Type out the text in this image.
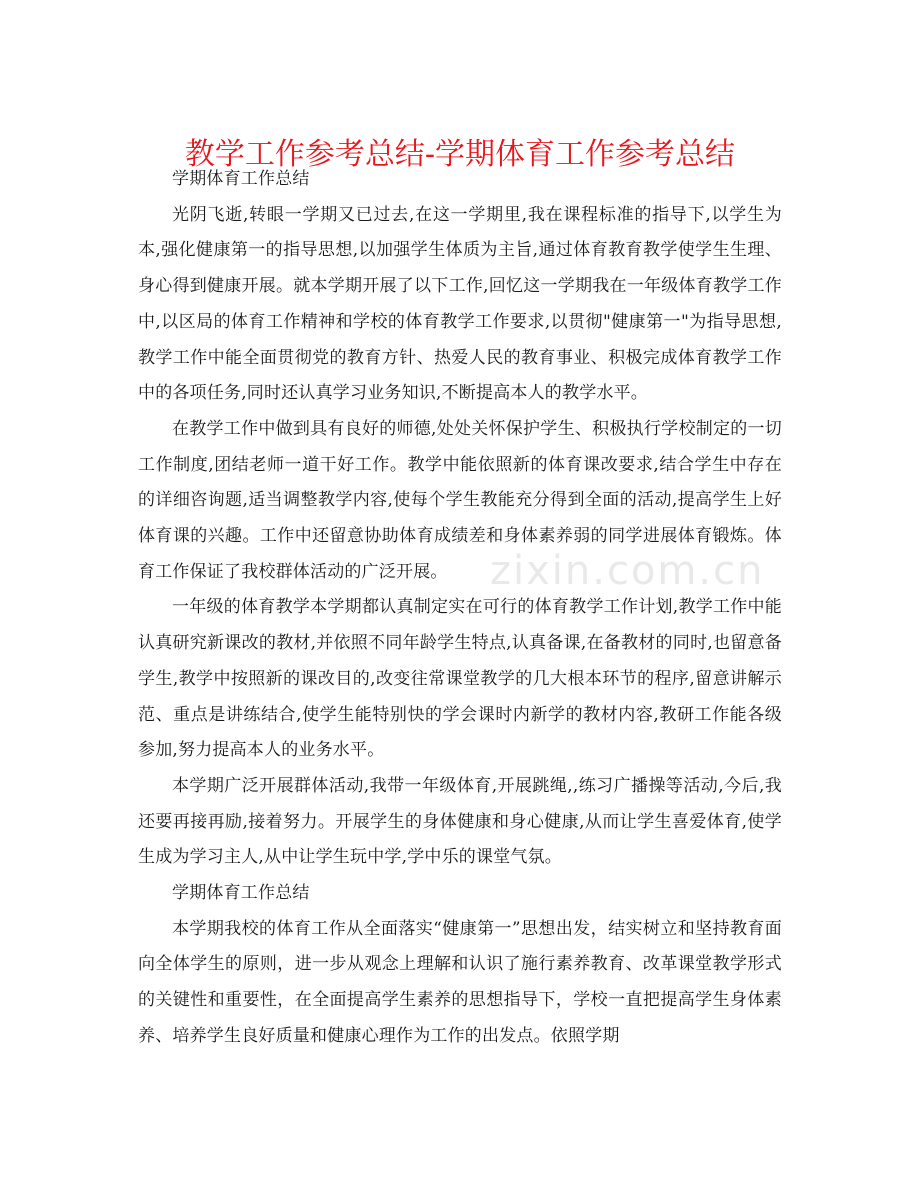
zixin.com.cn
教学工作参考总结-学期体育工作参考总结

学期体育工作总结

光阴飞逝,转眼一学期又已过去,在这一学期里,我在课程标准的指导下,以学生为本,强化健康第一的指导思想,以加强学生体质为主旨,通过体育教育教学使学生生理、身心得到健康开展。就本学期开展了以下工作,回忆这一学期我在一年级体育教学工作中,以区局的体育工作精神和学校的体育教学工作要求,以贯彻"健康第一"为指导思想,教学工作中能全面贯彻党的教育方针、热爱人民的教育事业、积极完成体育教学工作中的各项任务,同时还认真学习业务知识,不断提高本人的教学水平。

在教学工作中做到具有良好的师德,处处关怀保护学生、积极执行学校制定的一切工作制度,团结老师一道干好工作。教学中能依照新的体育课改要求,结合学生中存在的详细咨询题,适当调整教学内容,使每个学生教能充分得到全面的活动,提高学生上好体育课的兴趣。工作中还留意协助体育成绩差和身体素养弱的同学进展体育锻炼。体育工作保证了我校群体活动的广泛开展。

一年级的体育教学本学期都认真制定实在可行的体育教学工作计划,教学工作中能认真研究新课改的教材,并依照不同年龄学生特点,认真备课,在备教材的同时,也留意备学生,教学中按照新的课改目的,改变往常课堂教学的几大根本环节的程序,留意讲解示范、重点是讲练结合,使学生能特别快的学会课时内新学的教材内容,教研工作能各级参加,努力提高本人的业务水平。

本学期广泛开展群体活动,我带一年级体育,开展跳绳,,练习广播操等活动,今后,我还要再接再励,接着努力。开展学生的身体健康和身心健康,从而让学生喜爱体育,使学生成为学习主人,从中让学生玩中学,学中乐的课堂气氛。

学期体育工作总结

本学期我校的体育工作从全面落实“健康第一”思想出发，结实树立和坚持教育面向全体学生的原则，进一步从观念上理解和认识了施行素养教育、改革课堂教学形式的关键性和重要性，在全面提高学生素养的思想指导下，学校一直把提高学生身体素养、培养学生良好质量和健康心理作为工作的出发点。依照学期
